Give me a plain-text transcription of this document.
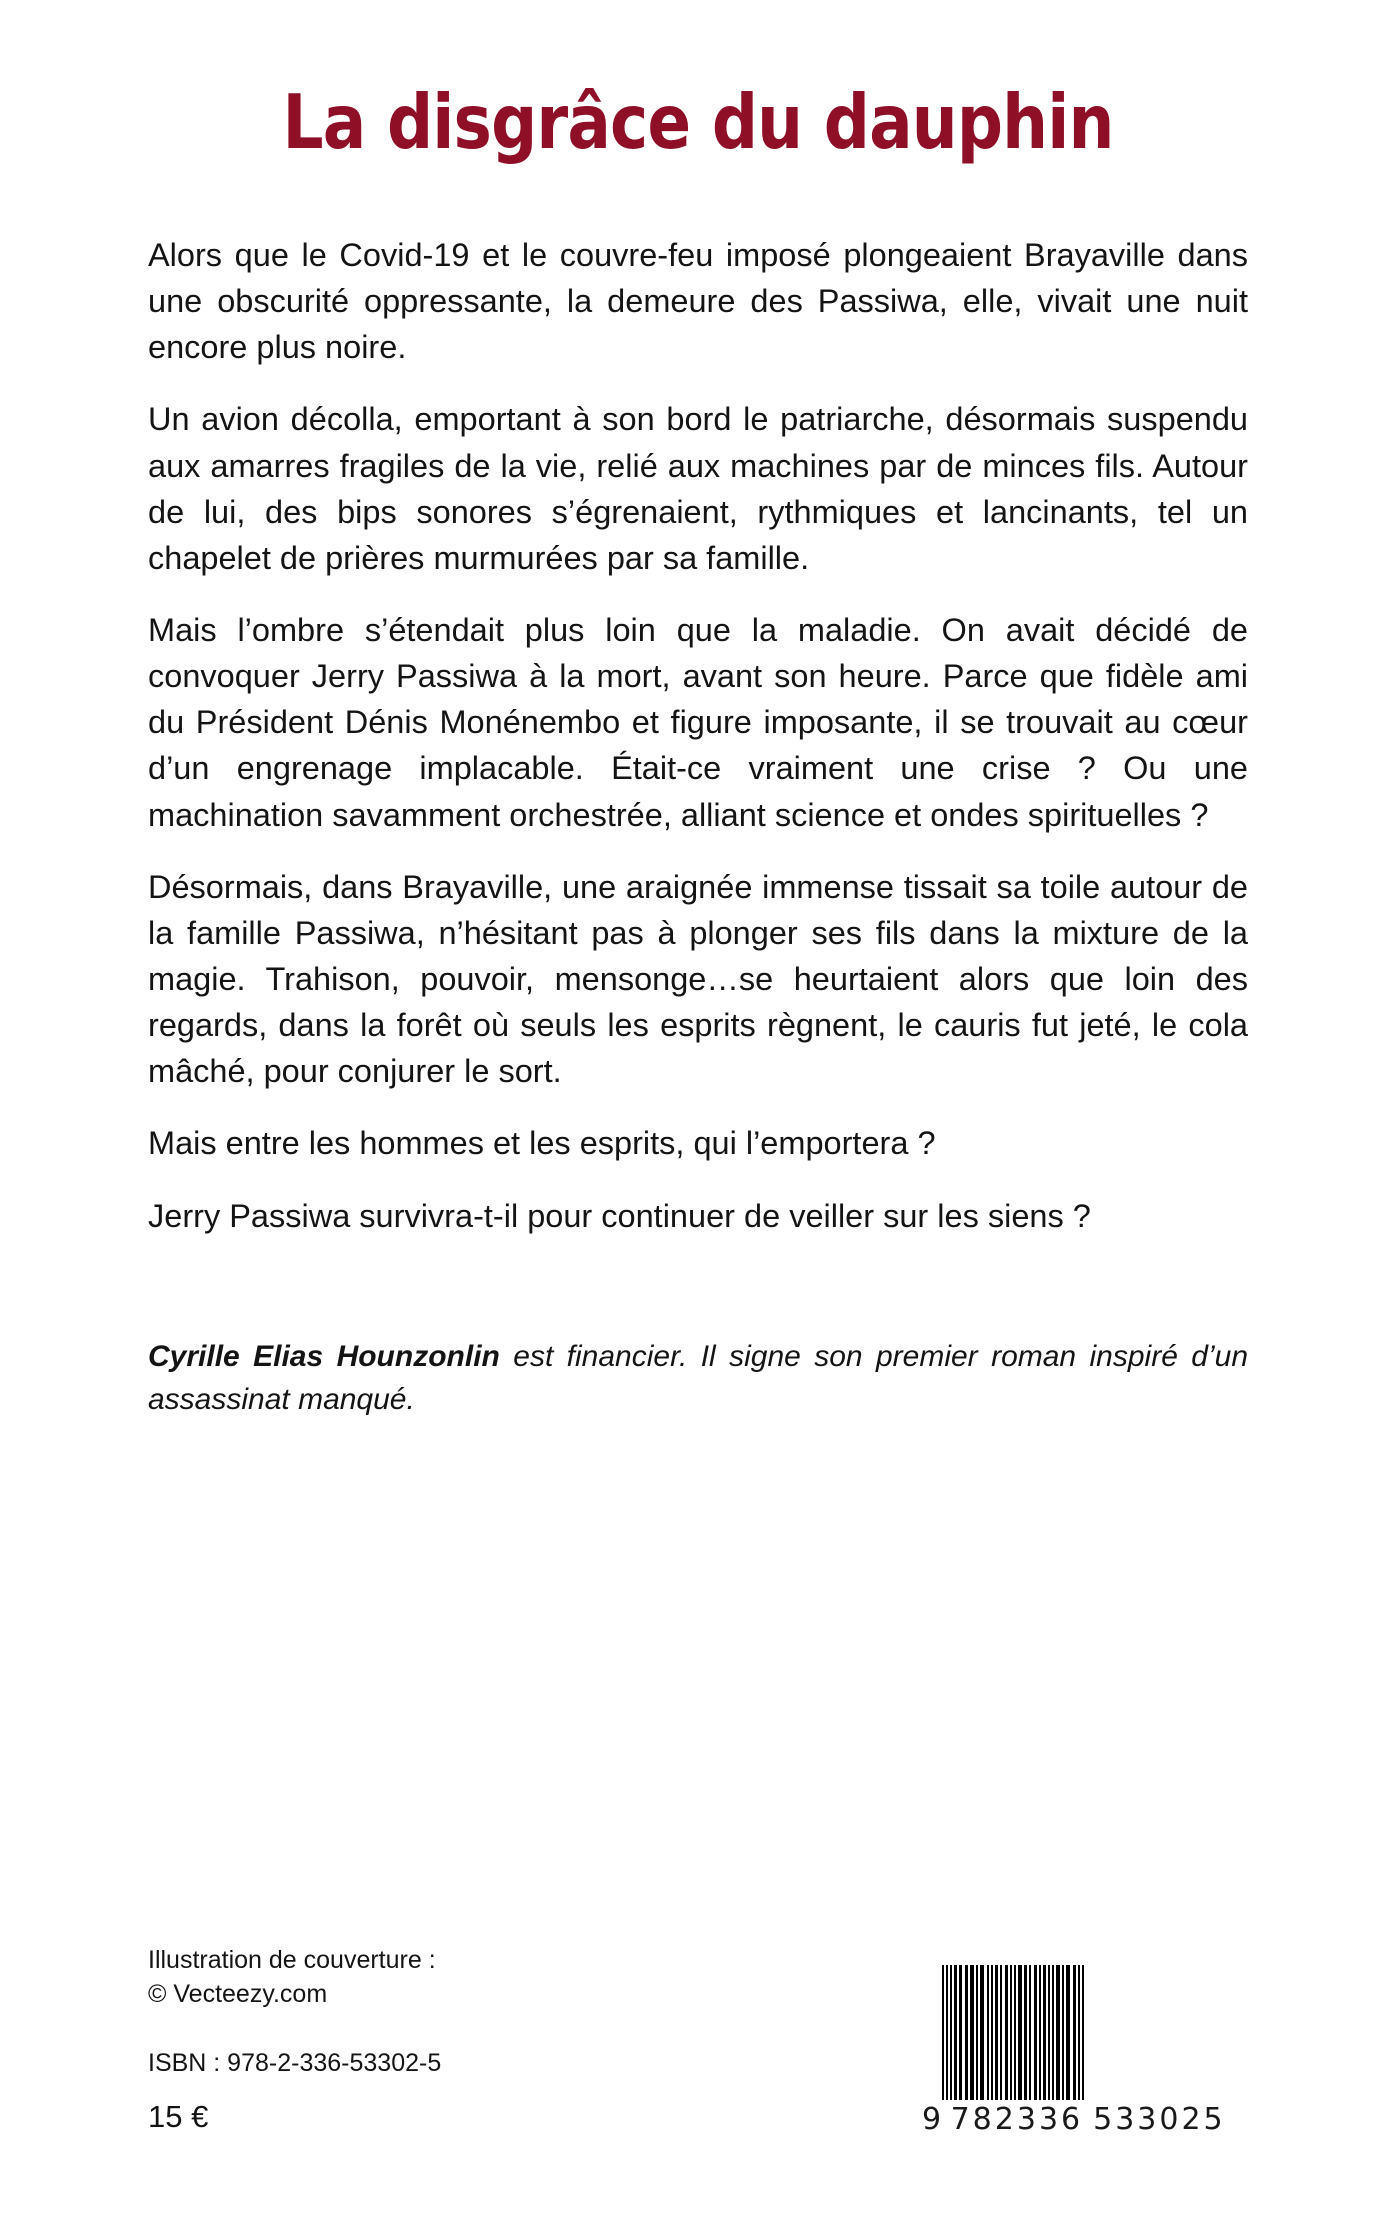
La disgrâce du dauphin

Alors que le Covid-19 et le couvre-feu imposé plongeaient Brayaville dans une obscurité oppressante, la demeure des Passiwa, elle, vivait une nuit encore plus noire.

Un avion décolla, emportant à son bord le patriarche, désormais suspendu aux amarres fragiles de la vie, relié aux machines par de minces fils. Autour de lui, des bips sonores s’égrenaient, rythmiques et lancinants, tel un chapelet de prières murmurées par sa famille.

Mais l’ombre s’étendait plus loin que la maladie. On avait décidé de convoquer Jerry Passiwa à la mort, avant son heure. Parce que fidèle ami du Président Dénis Monénembo et figure imposante, il se trouvait au cœur d’un engrenage implacable. Était-ce vraiment une crise ? Ou une machination savamment orchestrée, alliant science et ondes spirituelles ?

Désormais, dans Brayaville, une araignée immense tissait sa toile autour de la famille Passiwa, n’hésitant pas à plonger ses fils dans la mixture de la magie. Trahison, pouvoir, mensonge…se heurtaient alors que loin des regards, dans la forêt où seuls les esprits règnent, le cauris fut jeté, le cola mâché, pour conjurer le sort.

Mais entre les hommes et les esprits, qui l’emportera ?

Jerry Passiwa survivra-t-il pour continuer de veiller sur les siens ?

Cyrille Elias Hounzonlin est financier. Il signe son premier roman inspiré d’un assassinat manqué.
Illustration de couverture :
© Vecteezy.com
ISBN : 978-2-336-53302-5
15 €	9 782336 533025
